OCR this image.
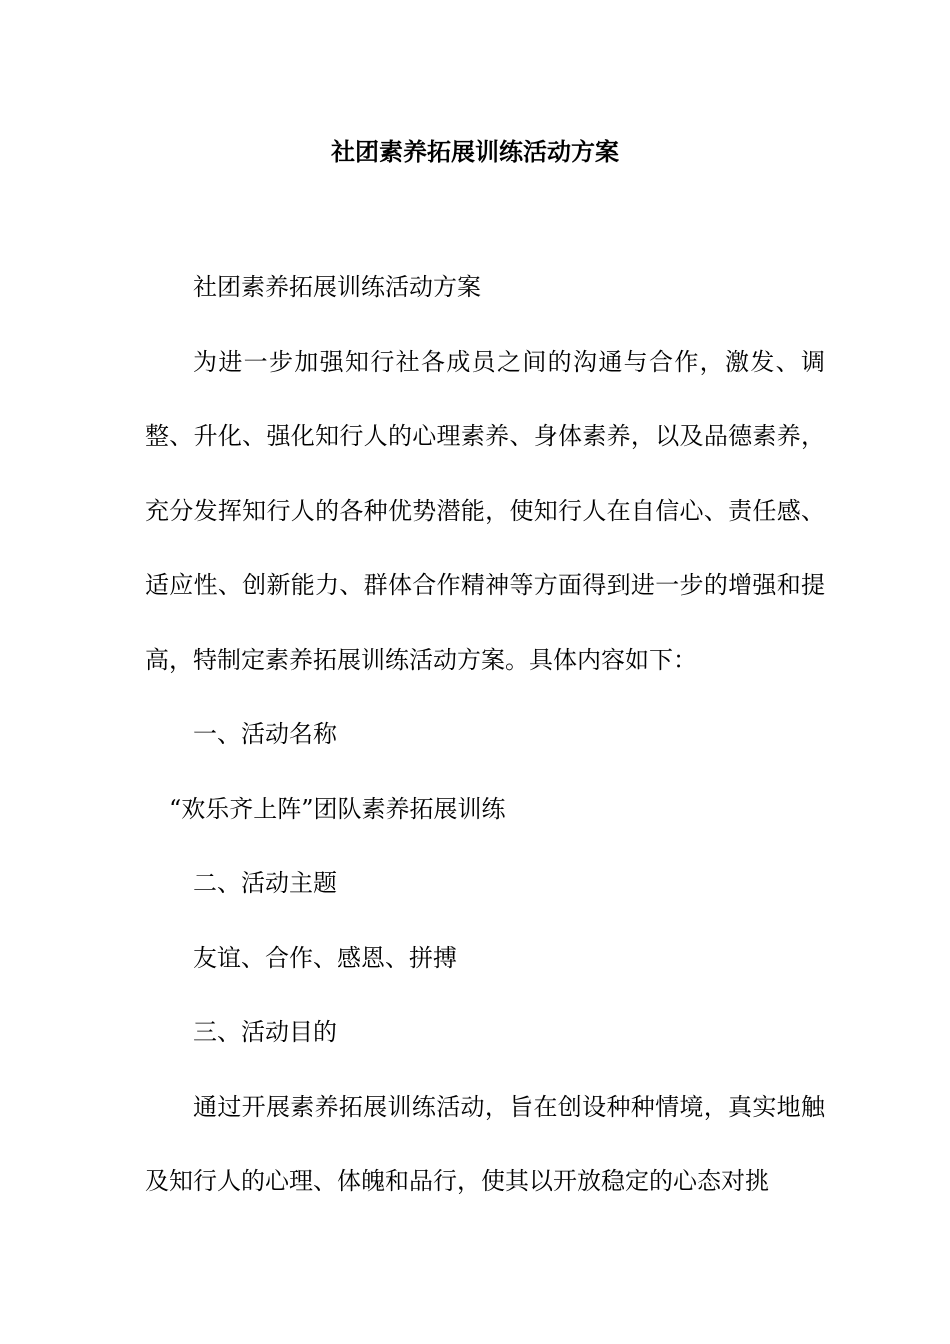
社团素养拓展训练活动方案

社团素养拓展训练活动方案

为进一步加强知行社各成员之间的沟通与合作，激发、调整、升化、强化知行人的心理素养、身体素养，以及品德素养，充分发挥知行人的各种优势潜能，使知行人在自信心、责任感、适应性、创新能力、群体合作精神等方面得到进一步的增强和提高，特制定素养拓展训练活动方案。具体内容如下：

一、活动名称

“欢乐齐上阵”团队素养拓展训练

二、活动主题

友谊、合作、感恩、拼搏

三、活动目的

通过开展素养拓展训练活动，旨在创设种种情境，真实地触及知行人的心理、体魄和品行，使其以开放稳定的心态对挑
